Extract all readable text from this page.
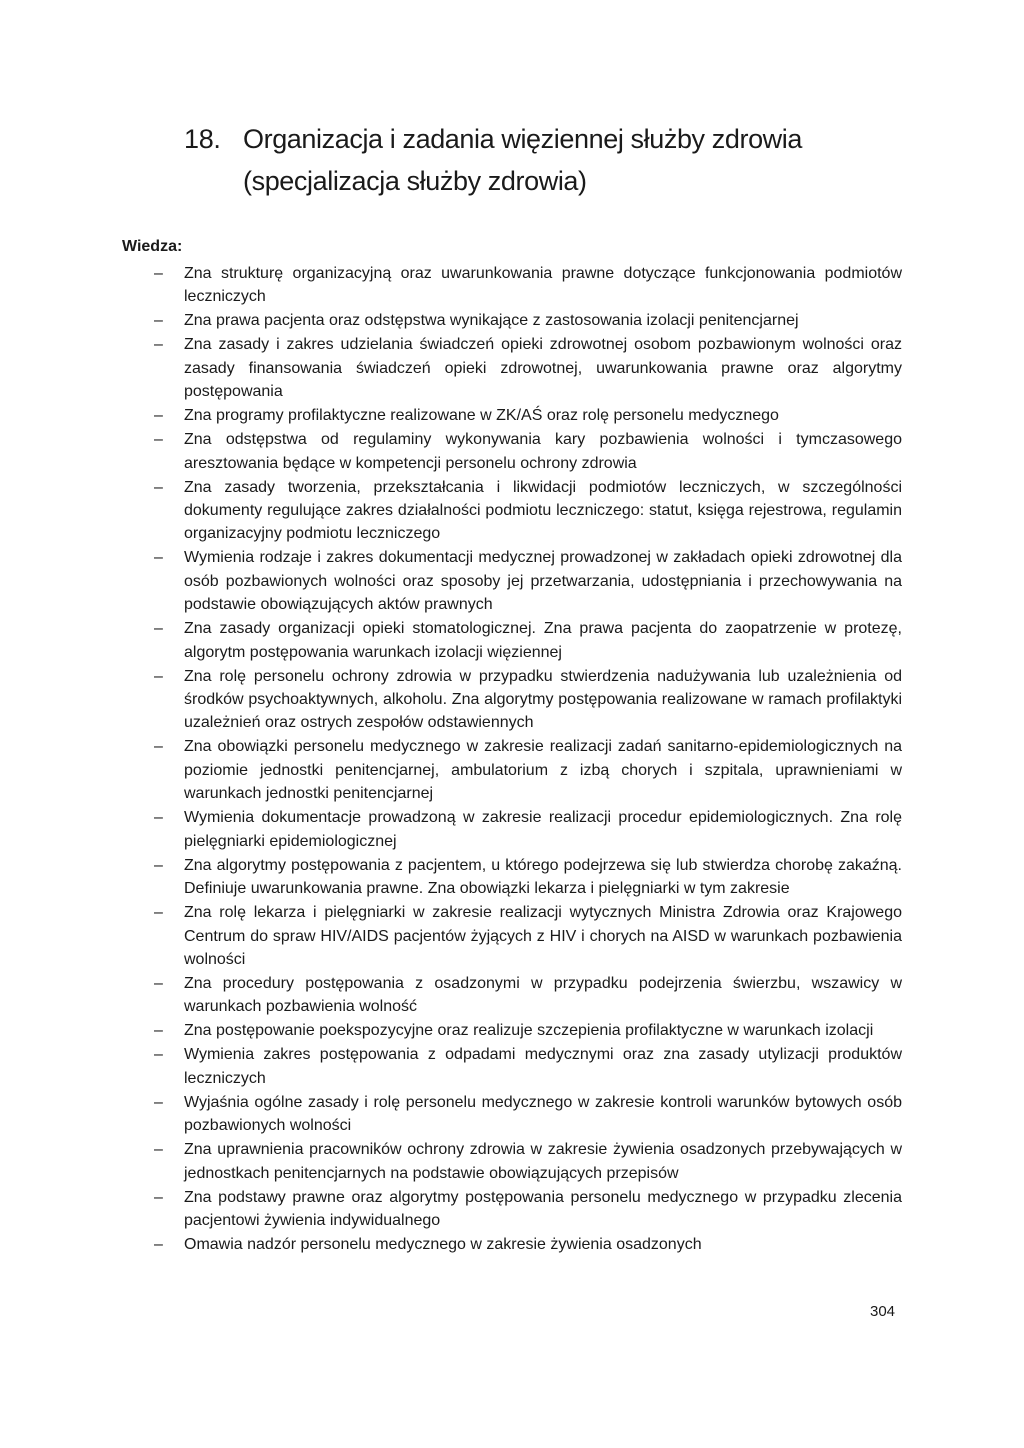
18. Organizacja i zadania więziennej służby zdrowia (specjalizacja służby zdrowia)
Wiedza:
– Zna strukturę organizacyjną oraz uwarunkowania prawne dotyczące funkcjonowania podmiotów leczniczych
– Zna prawa pacjenta oraz odstępstwa wynikające z zastosowania izolacji penitencjarnej
– Zna zasady i zakres udzielania świadczeń opieki zdrowotnej osobom pozbawionym wolności oraz zasady finansowania świadczeń opieki zdrowotnej, uwarunkowania prawne oraz algorytmy postępowania
– Zna programy profilaktyczne realizowane w ZK/AŚ oraz rolę personelu medycznego
– Zna odstępstwa od regulaminy wykonywania kary pozbawienia wolności i tymczasowego aresztowania będące w kompetencji personelu ochrony zdrowia
– Zna zasady tworzenia, przekształcania i likwidacji podmiotów leczniczych, w szczególności dokumenty regulujące zakres działalności podmiotu leczniczego: statut, księga rejestrowa, regulamin organizacyjny podmiotu leczniczego
– Wymienia rodzaje i zakres dokumentacji medycznej prowadzonej w zakładach opieki zdrowotnej dla osób pozbawionych wolności oraz sposoby jej przetwarzania, udostępniania i przechowywania na podstawie obowiązujących aktów prawnych
– Zna zasady organizacji opieki stomatologicznej. Zna prawa pacjenta do zaopatrzenie w protezę, algorytm postępowania warunkach izolacji więziennej
– Zna rolę personelu ochrony zdrowia w przypadku stwierdzenia nadużywania lub uzależnienia od środków psychoaktywnych, alkoholu. Zna algorytmy postępowania realizowane w ramach profilaktyki uzależnień oraz ostrych zespołów odstawiennych
– Zna obowiązki personelu medycznego w zakresie realizacji zadań sanitarno-epidemiologicznych na poziomie jednostki penitencjarnej, ambulatorium z izbą chorych i szpitala, uprawnieniami w warunkach jednostki penitencjarnej
– Wymienia dokumentacje prowadzoną w zakresie realizacji procedur epidemiologicznych. Zna rolę pielęgniarki epidemiologicznej
– Zna algorytmy postępowania z pacjentem, u którego podejrzewa się lub stwierdza chorobę zakaźną. Definiuje uwarunkowania prawne. Zna obowiązki lekarza i pielęgniarki w tym zakresie
– Zna rolę lekarza i pielęgniarki w zakresie realizacji wytycznych Ministra Zdrowia oraz Krajowego Centrum do spraw HIV/AIDS pacjentów żyjących z HIV i chorych na AISD w warunkach pozbawienia wolności
– Zna procedury postępowania z osadzonymi w przypadku podejrzenia świerzbu, wszawicy w warunkach pozbawienia wolność
– Zna postępowanie poekspozycyjne oraz realizuje szczepienia profilaktyczne w warunkach izolacji
– Wymienia zakres postępowania z odpadami medycznymi oraz zna zasady utylizacji produktów leczniczych
– Wyjaśnia ogólne zasady i rolę personelu medycznego w zakresie kontroli warunków bytowych osób pozbawionych wolności
– Zna uprawnienia pracowników ochrony zdrowia w zakresie żywienia osadzonych przebywających w jednostkach penitencjarnych na podstawie obowiązujących przepisów
– Zna podstawy prawne oraz algorytmy postępowania personelu medycznego w przypadku zlecenia pacjentowi żywienia indywidualnego
– Omawia nadzór personelu medycznego w zakresie żywienia osadzonych
304
